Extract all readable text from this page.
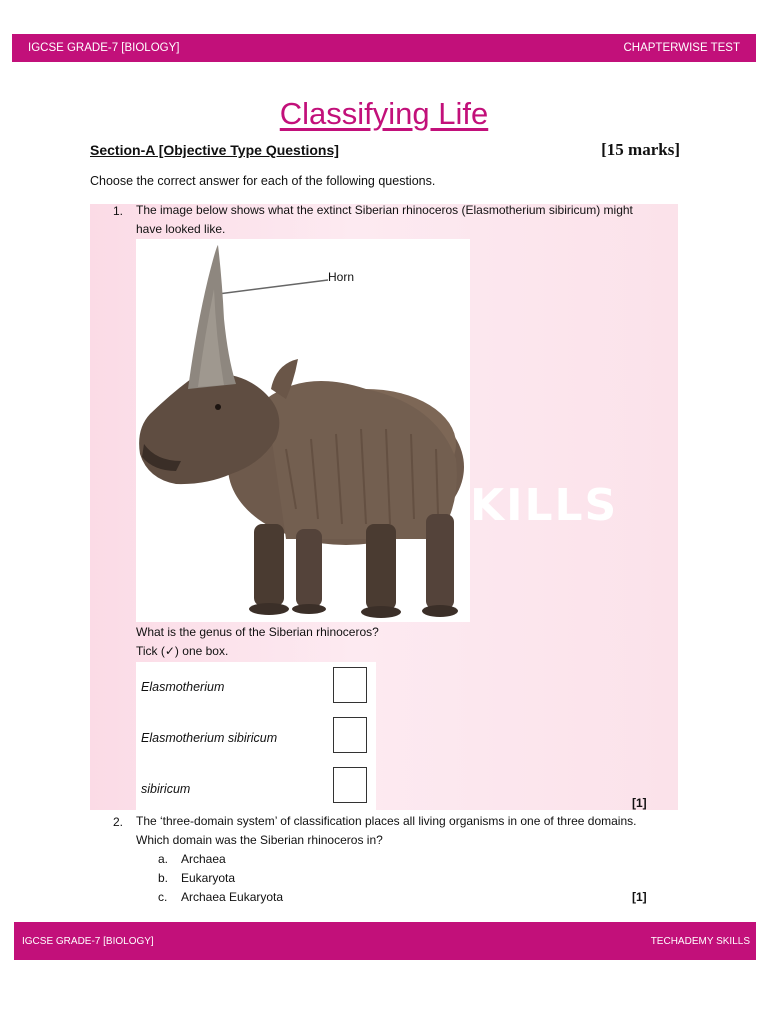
IGCSE GRADE-7 [BIOLOGY]	CHAPTERWISE TEST
Classifying Life
Section-A [Objective Type Questions]	[15 marks]
Choose the correct answer for each of the following questions.
KILLS
1. The image below shows what the extinct Siberian rhinoceros (Elasmotherium sibiricum) might
have looked like.
Horn
What is the genus of the Siberian rhinoceros?
Tick (✓) one box.
Elasmotherium
Elasmotherium sibiricum
sibiricum
[1]
2. The ‘three-domain system’ of classification places all living organisms in one of three domains.
Which domain was the Siberian rhinoceros in?
a. Archaea
b. Eukaryota
c. Archaea Eukaryota	[1]
IGCSE GRADE-7 [BIOLOGY]	TECHADEMY SKILLS
